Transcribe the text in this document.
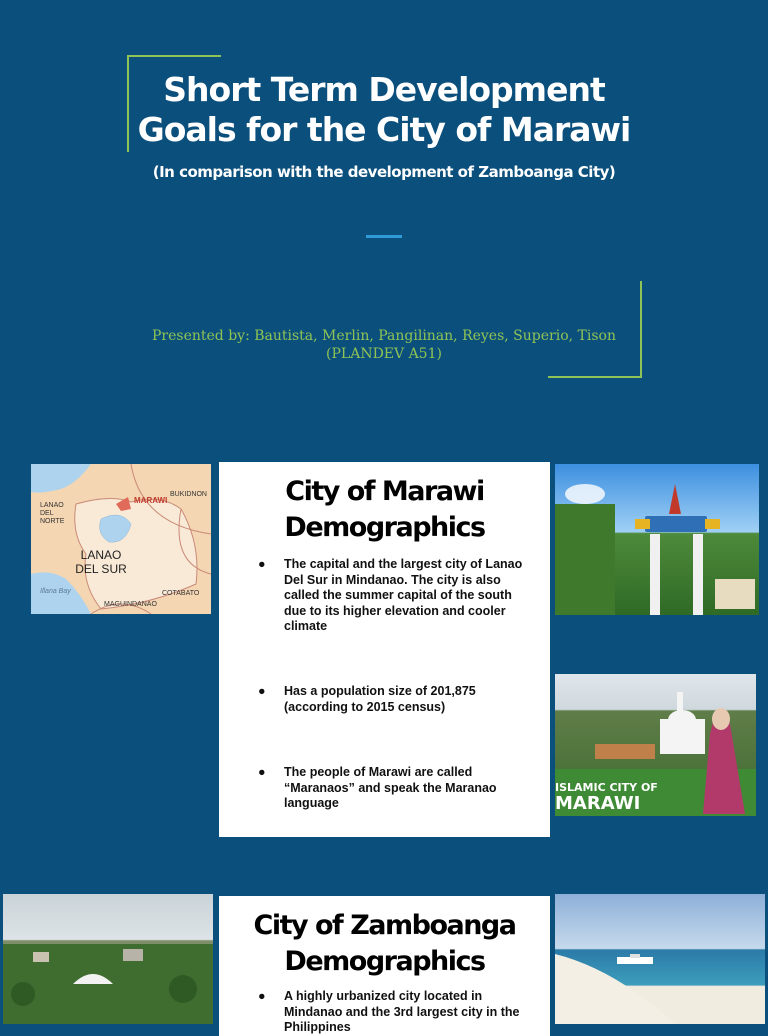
Short Term Development
Goals for the City of Marawi
(In comparison with the development of Zamboanga City)
Presented by: Bautista, Merlin, Pangilinan, Reyes, Superio, Tison
(PLANDEV A51)
LANAO DEL NORTE
MARAWI
BUKIDNON
LANAO DEL SUR
Illana Bay
MAGUINDANAO
COTABATO
City of Marawi
Demographics
● The capital and the largest city of Lanao Del Sur in Mindanao. The city is also called the summer capital of the south due to its higher elevation and cooler climate
● Has a population size of 201,875 (according to 2015 census)
● The people of Marawi are called “Maranaos” and speak the Maranao language
ISLAMIC CITY OF
MARAWI
City of Zamboanga
Demographics
● A highly urbanized city located in Mindanao and the 3rd largest city in the Philippines
